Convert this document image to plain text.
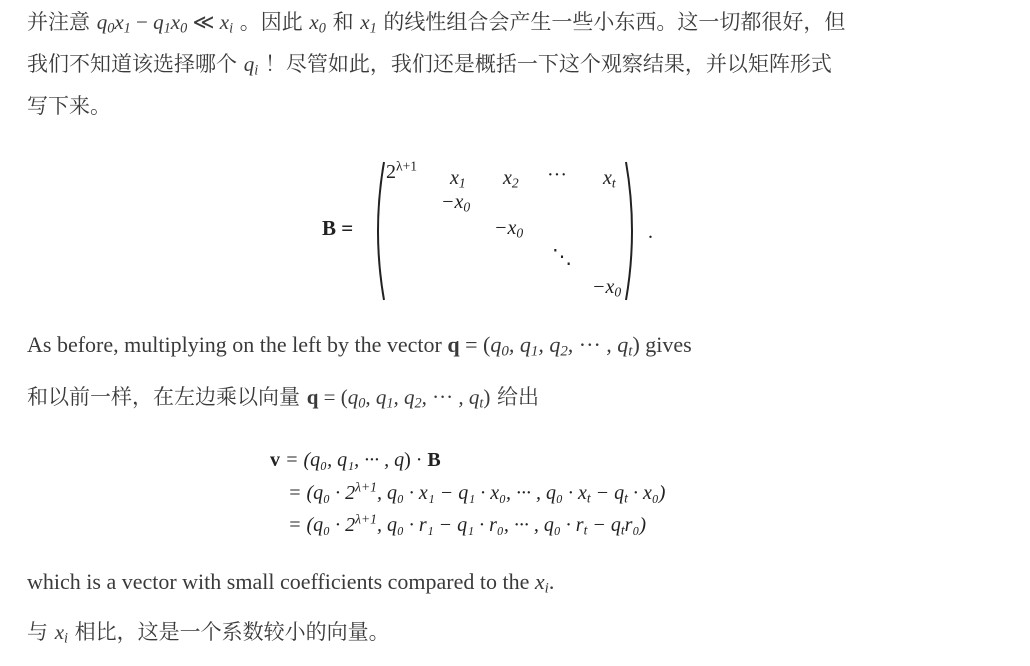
并注意 $q_0x_1 - q_1x_0$ ≪ $x_i$ 。因此 $x_0$ 和 $x_1$ 的线性组合会产生一些小东西。这一切都很好，但
我们不知道该选择哪个 $q_i$ ！尽管如此，我们还是概括一下这个观察结果，并以矩阵形式
写下来。
B =
$2^{\lambda+1}$
$x_1$ $x_2$ ··· $x_t$
$-x_0$
$-x_0$
⋱
$-x_0$
.
As before, multiplying on the left by the vector $q = (q_0$, $q_1$, $q_2$, ··· , $q_t$) gives
和以前一样，在左边乘以向量 $q = (q_0$, $q_1$, $q_2$, ··· , $q_t$) 给出
v = (q₀, q₁, ··· , q) · B
= ($q_0 \cdot 2^{\lambda+1}$, q₀ · x₁ − q₁ · x₀, ··· , $q_0 \cdot x_t - q_t \cdot x_0$)
= ($q_0 \cdot 2^{\lambda+1}$, q₀ · r₁ − q₁ · r₀, ··· , $q_0 \cdot r_t - q_tr_0$)
which is a vector with small coefficients compared to the $x_i$.
与 $x_i$ 相比，这是一个系数较小的向量。
